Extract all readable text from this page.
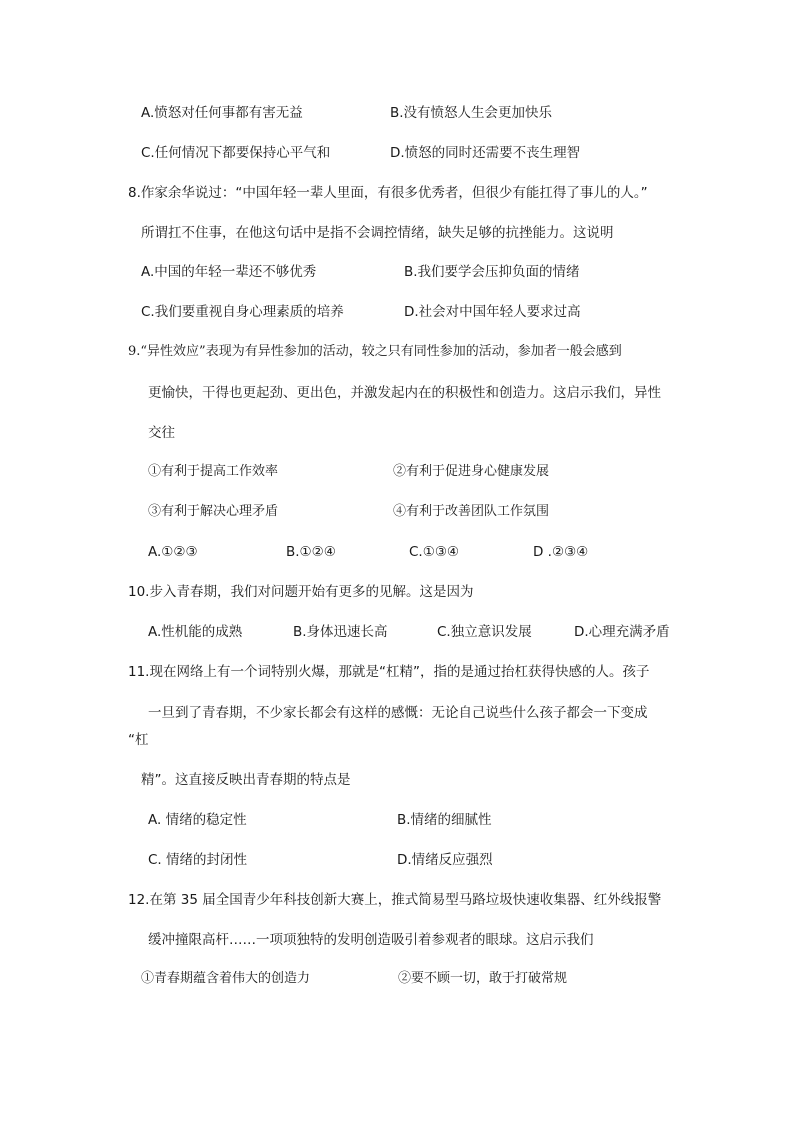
A.愤怒对任何事都有害无益	B.没有愤怒人生会更加快乐
C.任何情况下都要保持心平气和	D.愤怒的同时还需要不丧生理智
8.作家余华说过：“中国年轻一辈人里面，有很多优秀者，但很少有能扛得了事儿的人。”
所谓扛不住事，在他这句话中是指不会调控情绪，缺失足够的抗挫能力。这说明
A.中国的年轻一辈还不够优秀	B.我们要学会压抑负面的情绪
C.我们要重视自身心理素质的培养	D.社会对中国年轻人要求过高
9.“异性效应”表现为有异性参加的活动，较之只有同性参加的活动，参加者一般会感到
更愉快，干得也更起劲、更出色，并激发起内在的积极性和创造力。这启示我们，异性
交往
①有利于提高工作效率	②有利于促进身心健康发展
③有利于解决心理矛盾	④有利于改善团队工作氛围
A.①②③	B.①②④	C.①③④	D .②③④
10.步入青春期，我们对问题开始有更多的见解。这是因为
A.性机能的成熟	B.身体迅速长高	C.独立意识发展	D.心理充满矛盾
11.现在网络上有一个词特别火爆，那就是“杠精”，指的是通过抬杠获得快感的人。孩子
一旦到了青春期，不少家长都会有这样的感慨：无论自己说些什么孩子都会一下变成
“杠
精”。这直接反映出青春期的特点是
A. 情绪的稳定性	B.情绪的细腻性
C. 情绪的封闭性	D.情绪反应强烈
12.在第 35 届全国青少年科技创新大赛上，推式简易型马路垃圾快速收集器、红外线报警
缓冲撞限高杆……一项项独特的发明创造吸引着参观者的眼球。这启示我们
①青春期蕴含着伟大的创造力	②要不顾一切，敢于打破常规
